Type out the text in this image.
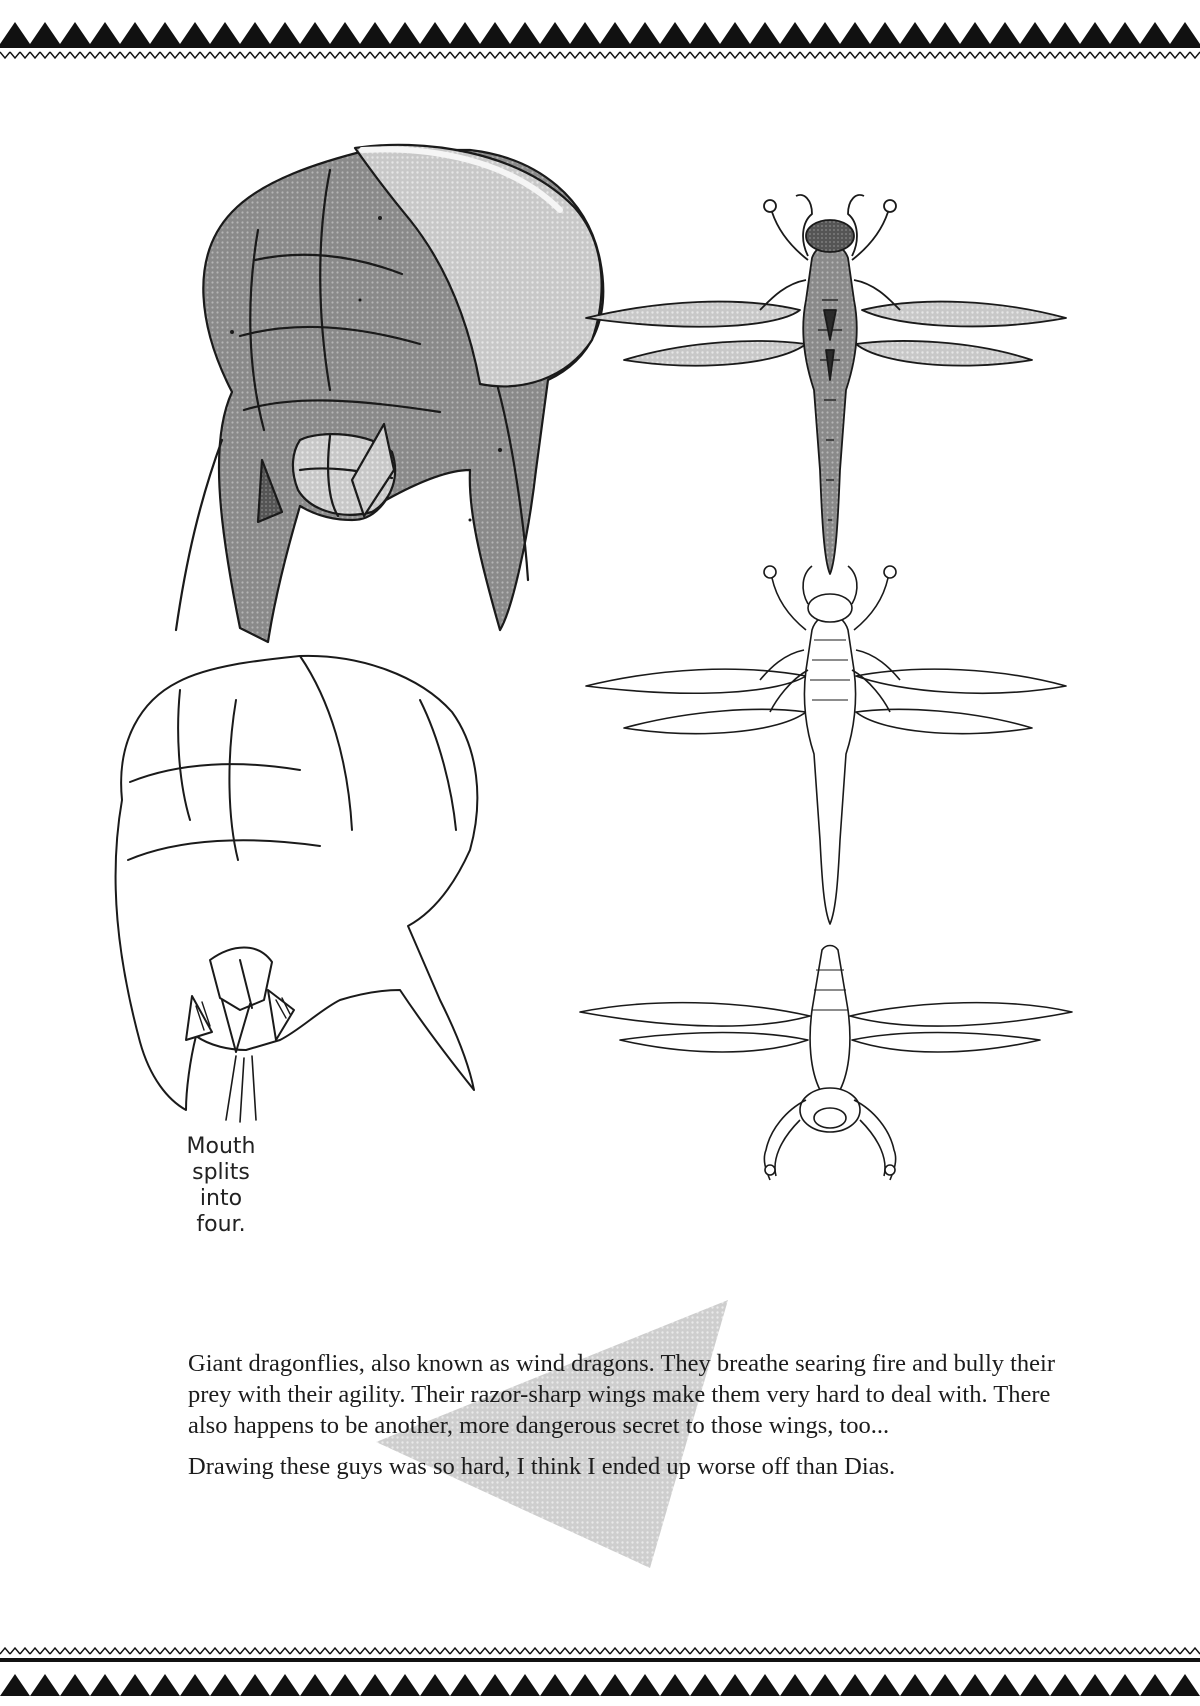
Mouth
splits
into
four.

Giant dragonflies, also known as wind dragons. They breathe searing fire and bully their prey with their agility. Their razor-sharp wings make them very hard to deal with. There also happens to be another, more dangerous secret to those wings, too...

Drawing these guys was so hard, I think I ended up worse off than Dias.
